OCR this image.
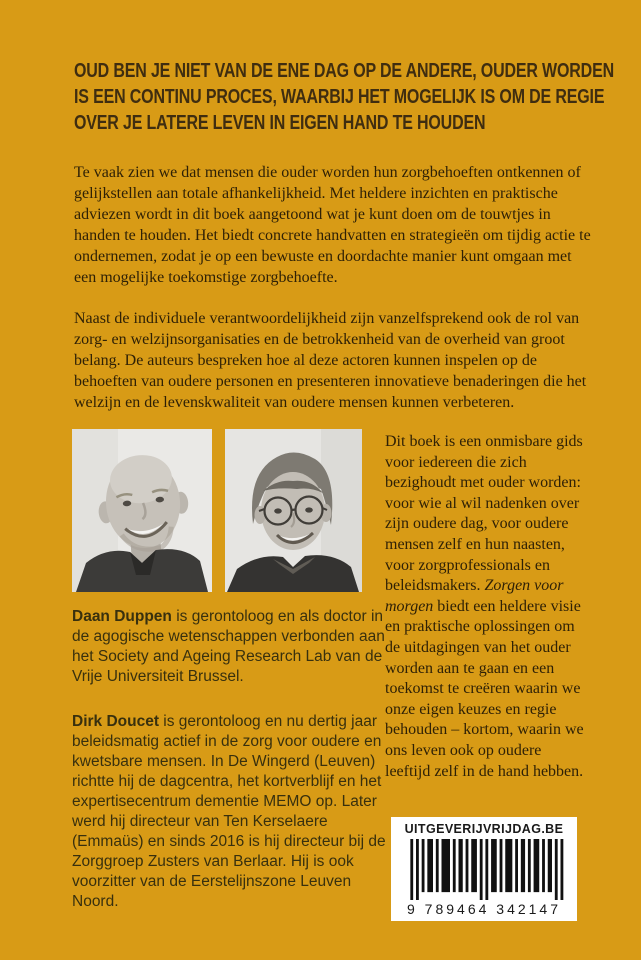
OUD BEN JE NIET VAN DE ENE DAG OP DE ANDERE, OUDER WORDEN
IS EEN CONTINU PROCES, WAARBIJ HET MOGELIJK IS OM DE REGIE
OVER JE LATERE LEVEN IN EIGEN HAND TE HOUDEN

Te vaak zien we dat mensen die ouder worden hun zorgbehoeften ontkennen of gelijkstellen aan totale afhankelijkheid. Met heldere inzichten en praktische adviezen wordt in dit boek aangetoond wat je kunt doen om de touwtjes in handen te houden. Het biedt concrete handvatten en strategieën om tijdig actie te ondernemen, zodat je op een bewuste en doordachte manier kunt omgaan met een mogelijke toekomstige zorgbehoefte.

Naast de individuele verantwoordelijkheid zijn vanzelfsprekend ook de rol van zorg- en welzijnsorganisaties en de betrokkenheid van de overheid van groot belang. De auteurs bespreken hoe al deze actoren kunnen inspelen op de behoeften van oudere personen en presenteren innovatieve benaderingen die het welzijn en de levenskwaliteit van oudere mensen kunnen verbeteren.

Daan Duppen is gerontoloog en als doctor in de agogische wetenschappen verbonden aan het Society and Ageing Research Lab van de Vrije Universiteit Brussel.

Dirk Doucet is gerontoloog en nu dertig jaar beleidsmatig actief in de zorg voor oudere en kwetsbare mensen. In De Wingerd (Leuven) richtte hij de dagcentra, het kortverblijf en het expertisecentrum dementie MEMO op. Later werd hij directeur van Ten Kerselaere (Emmaüs) en sinds 2016 is hij directeur bij de Zorggroep Zusters van Berlaar. Hij is ook voorzitter van de Eerstelijnszone Leuven Noord.

Dit boek is een onmisbare gids voor iedereen die zich bezighoudt met ouder worden: voor wie al wil nadenken over zijn oudere dag, voor oudere mensen zelf en hun naasten, voor zorgprofessionals en beleidsmakers. Zorgen voor morgen biedt een heldere visie en praktische oplossingen om de uitdagingen van het ouder worden aan te gaan en een toekomst te creëren waarin we onze eigen keuzes en regie behouden – kortom, waarin we ons leven ook op oudere leeftijd zelf in de hand hebben.

UITGEVERIJVRIJDAG.BE
9 789464 342147
